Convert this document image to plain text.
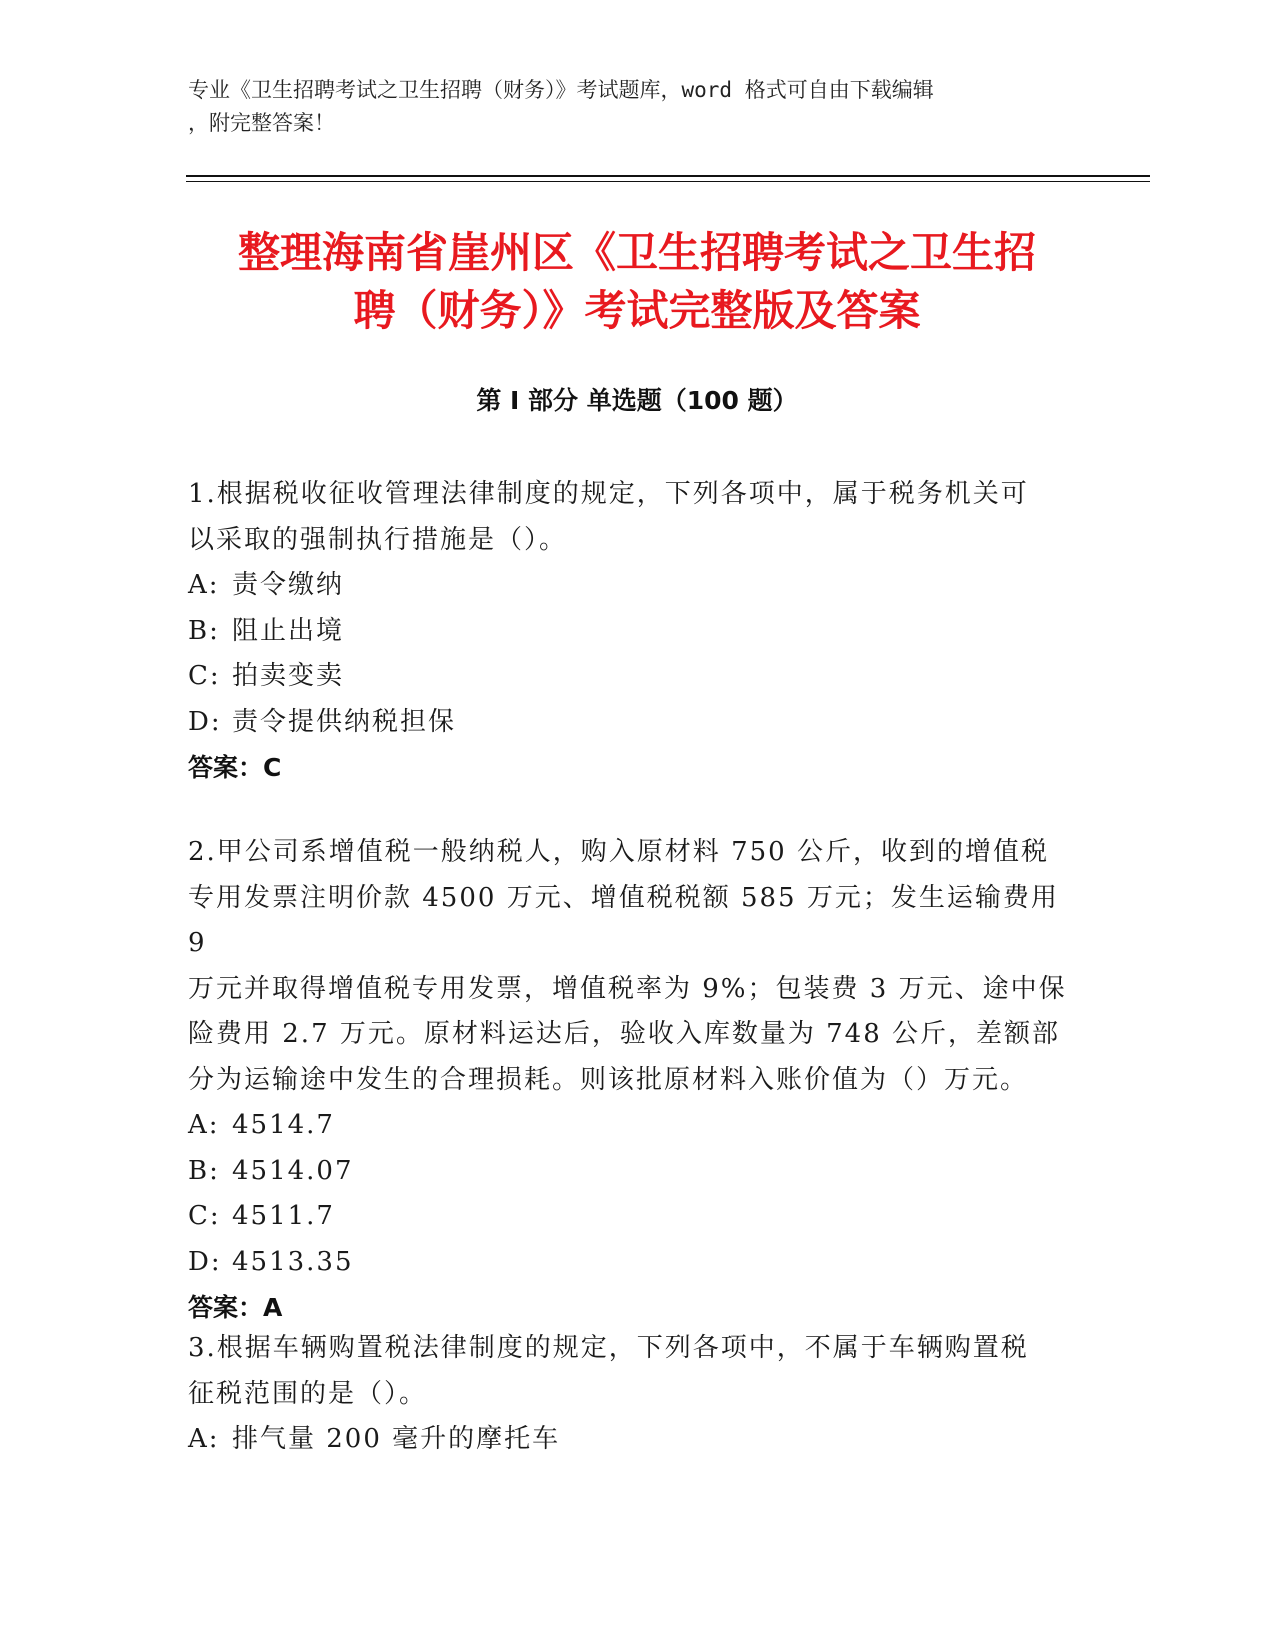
专业《卫生招聘考试之卫生招聘（财务）》考试题库，word 格式可自由下载编辑
，附完整答案！
整理海南省崖州区《卫生招聘考试之卫生招
聘（财务）》考试完整版及答案
第 I 部分 单选题（100 题）

1.根据税收征收管理法律制度的规定，下列各项中，属于税务机关可

以采取的强制执行措施是（）。

A: 责令缴纳

B: 阻止出境

C: 拍卖变卖

D: 责令提供纳税担保

答案：C

2.甲公司系增值税一般纳税人，购入原材料 750 公斤，收到的增值税

专用发票注明价款 4500 万元、增值税税额 585 万元；发生运输费用 9

万元并取得增值税专用发票，增值税率为 9%；包装费 3 万元、途中保

险费用 2.7 万元。原材料运达后，验收入库数量为 748 公斤，差额部

分为运输途中发生的合理损耗。则该批原材料入账价值为（）万元。

A: 4514.7

B: 4514.07

C: 4511.7

D: 4513.35

答案：A

3.根据车辆购置税法律制度的规定，下列各项中，不属于车辆购置税

征税范围的是（）。

A: 排气量 200 毫升的摩托车
